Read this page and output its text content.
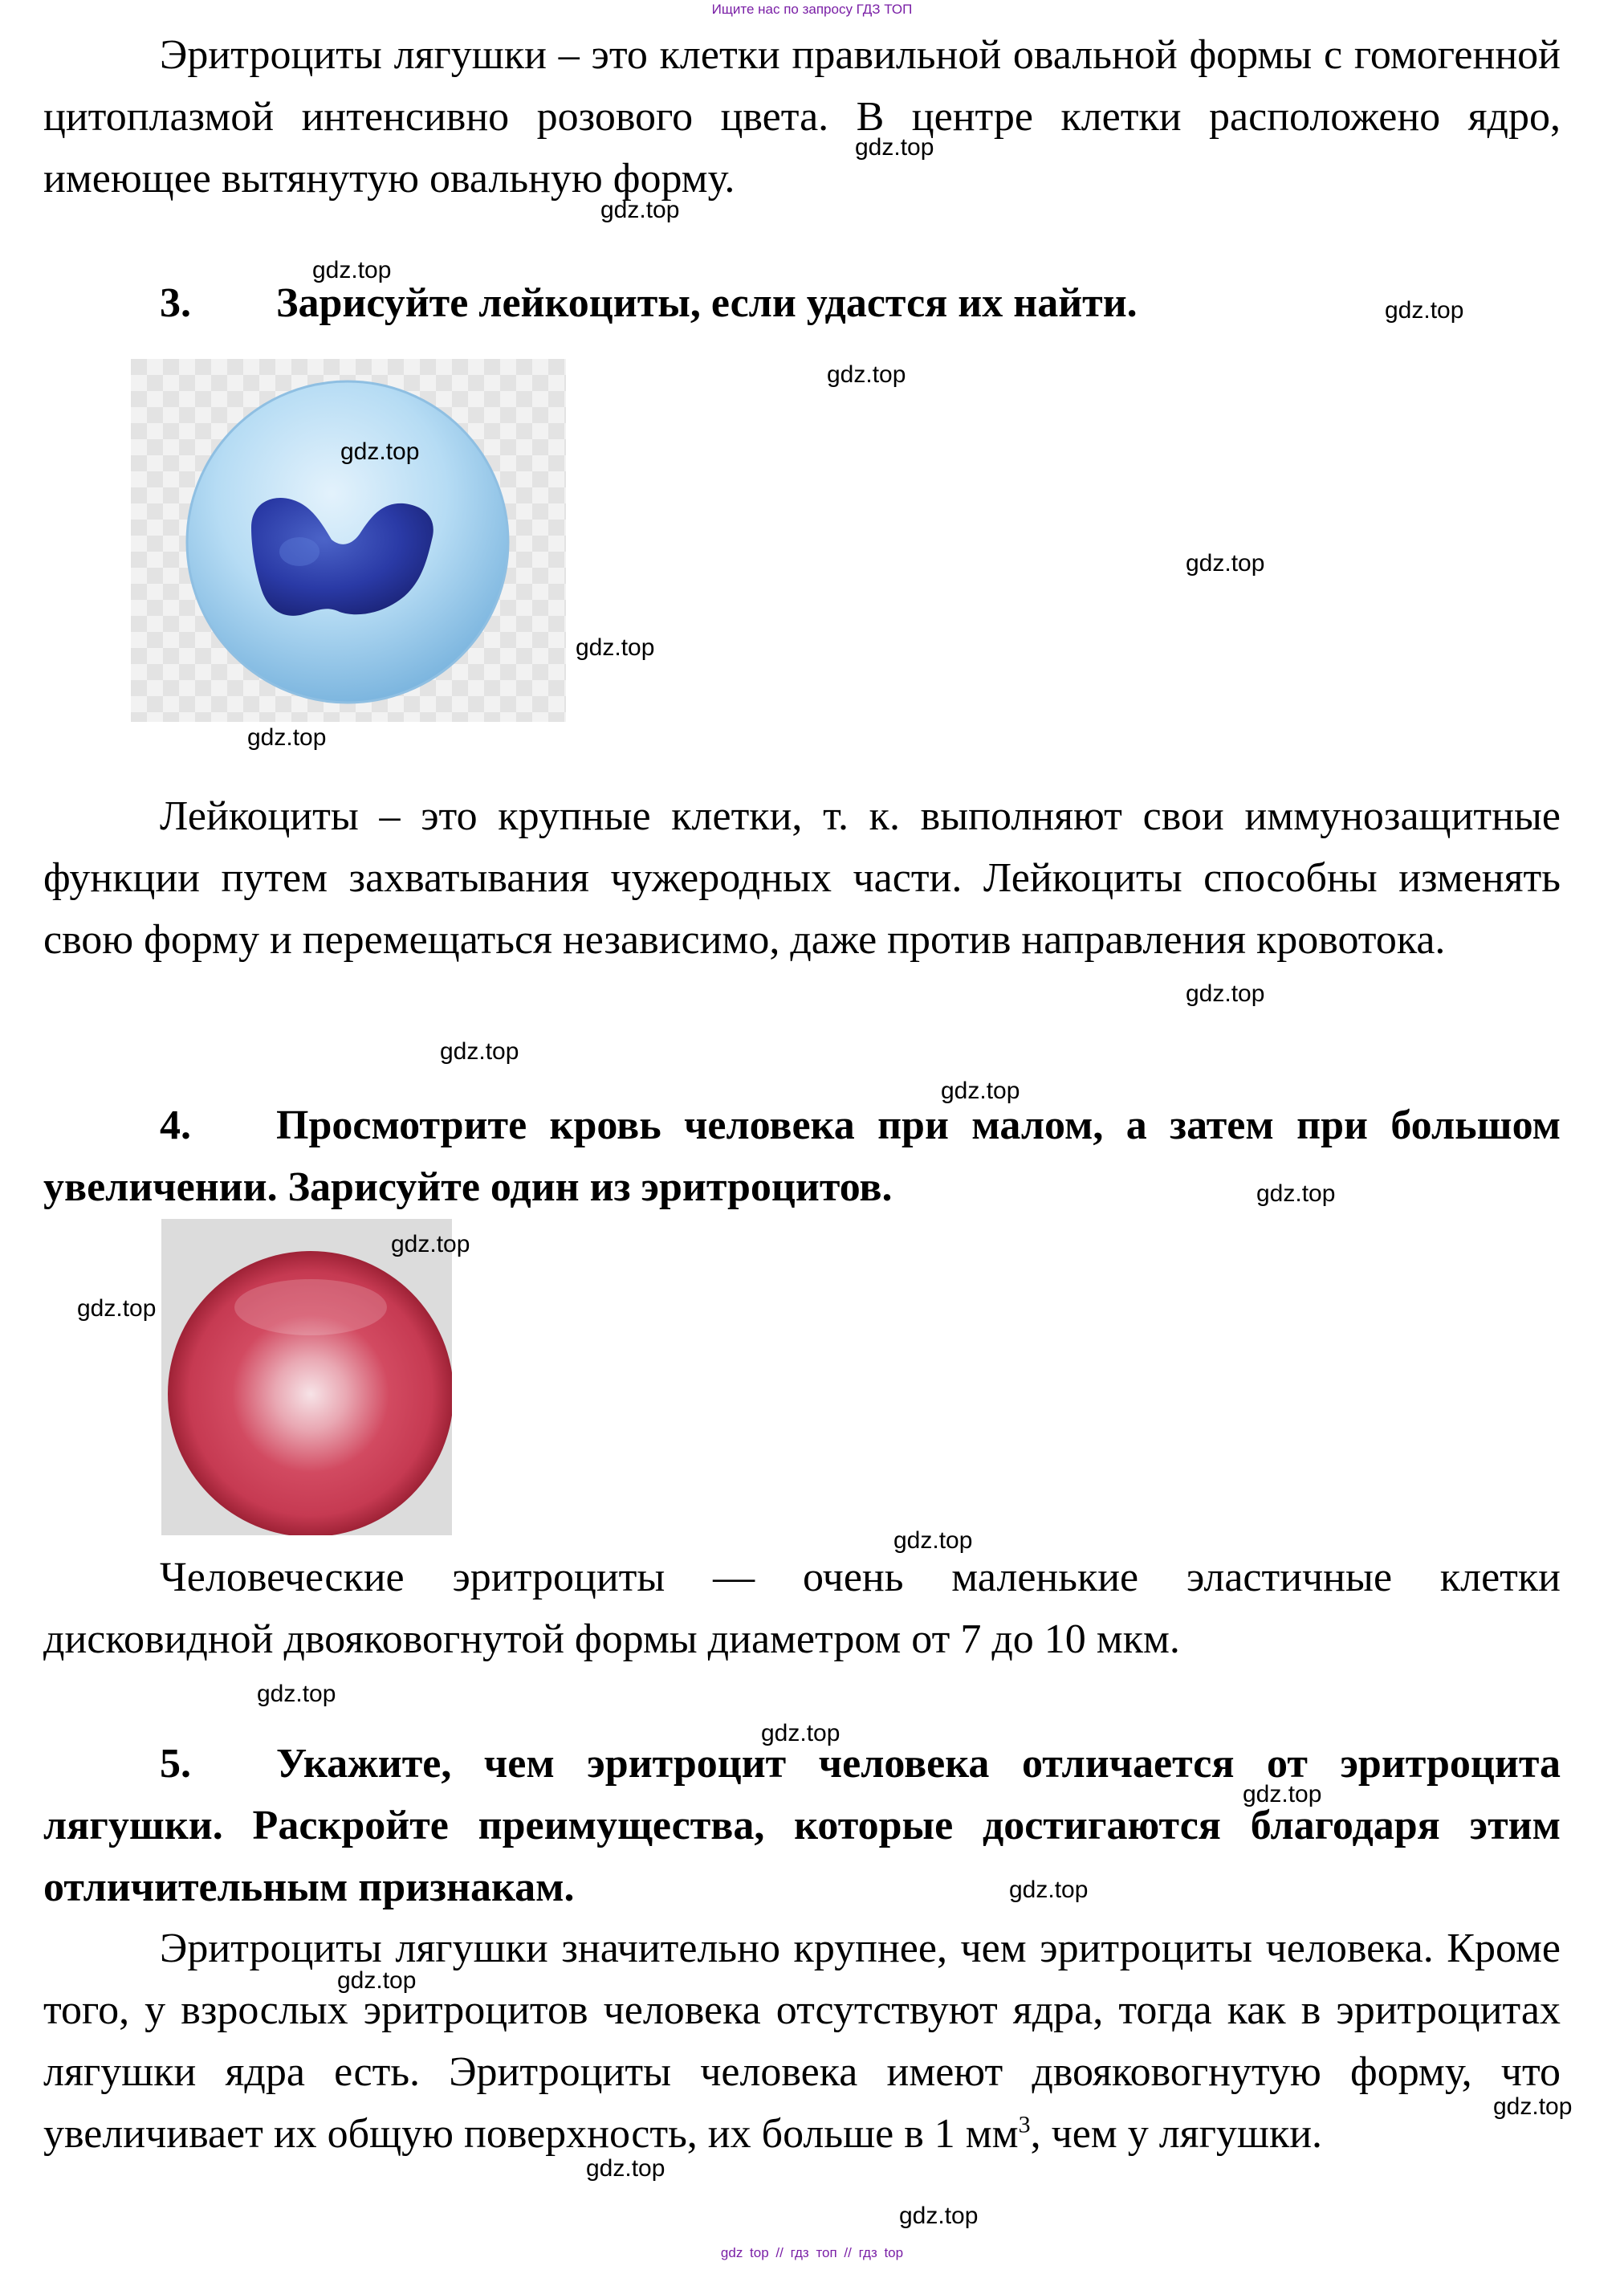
Ищите нас по запросу ГДЗ ТОП
Эритроциты лягушки – это клетки правильной овальной формы с гомогенной цитоплазмой интенсивно розового цвета. В центре клетки расположено ядро, имеющее вытянутую овальную форму.
3. Зарисуйте лейкоциты, если удастся их найти.
Лейкоциты – это крупные клетки, т. к. выполняют свои иммунозащитные функции путем захватывания чужеродных части. Лейкоциты способны изменять свою форму и перемещаться независимо, даже против направления кровотока.
4. Просмотрите кровь человека при малом, а затем при большом увеличении. Зарисуйте один из эритроцитов.
Человеческие эритроциты — очень маленькие эластичные клетки дисковидной двояковогнутой формы диаметром от 7 до 10 мкм.
5. Укажите, чем эритроцит человека отличается от эритроцита лягушки. Раскройте преимущества, которые достигаются благодаря этим отличительным признакам.
Эритроциты лягушки значительно крупнее, чем эритроциты человека. Кроме того, у взрослых эритроцитов человека отсутствуют ядра, тогда как в эритроцитах лягушки ядра есть. Эритроциты человека имеют двояковогнутую форму, что увеличивает их общую поверхность, их больше в 1 $мм^3$, чем у лягушки.
gdz.top
gdz.top
gdz.top
gdz.top
gdz.top
gdz.top
gdz.top
gdz.top
gdz.top
gdz.top
gdz.top
gdz.top
gdz.top
gdz.top
gdz.top
gdz.top
gdz.top
gdz.top
gdz.top
gdz.top
gdz.top
gdz.top
gdz.top
gdz.top
gdz top // гдз топ // гдз top
